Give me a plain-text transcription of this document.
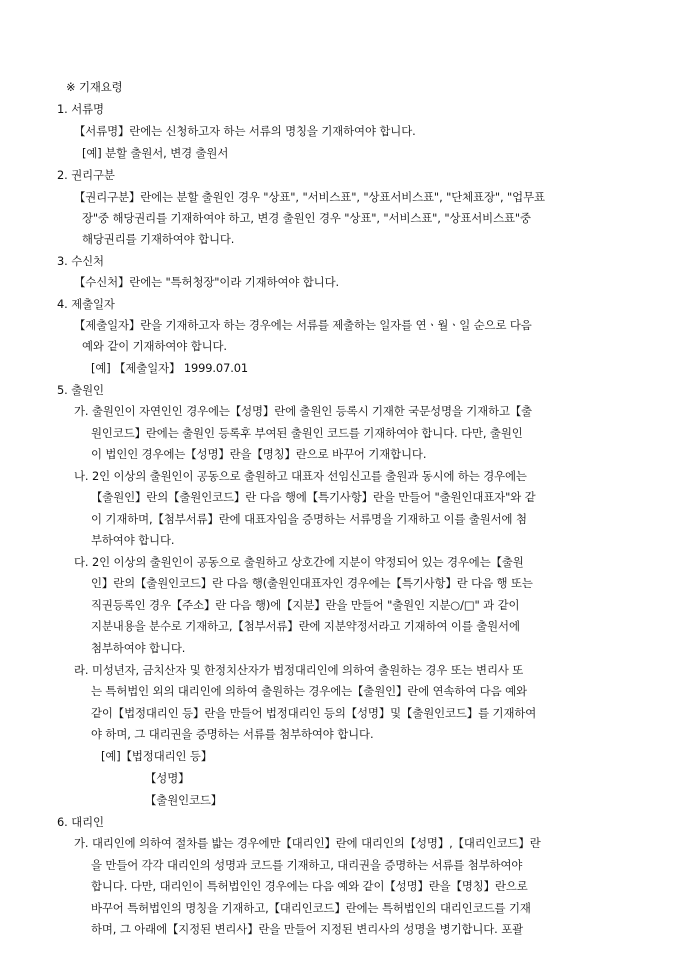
※ 기재요령
1. 서류명
【서류명】란에는 신청하고자 하는 서류의 명칭을 기재하여야 합니다.
[예] 분할 출원서, 변경 출원서
2. 권리구분
【권리구분】란에는 분할 출원인 경우 "상표", "서비스표", "상표서비스표", "단체표장", "업무표
장"중 해당권리를 기재하여야 하고, 변경 출원인 경우 "상표", "서비스표", "상표서비스표"중
해당권리를 기재하여야 합니다.
3. 수신처
【수신처】란에는 "특허청장"이라 기재하여야 합니다.
4. 제출일자
【제출일자】란을 기재하고자 하는 경우에는 서류를 제출하는 일자를 연ㆍ월ㆍ일 순으로 다음
예와 같이 기재하여야 합니다.
[예] 【제출일자】 1999.07.01
5. 출원인
가. 출원인이 자연인인 경우에는【성명】란에 출원인 등록시 기재한 국문성명을 기재하고【출
원인코드】란에는 출원인 등록후 부여된 출원인 코드를 기재하여야 합니다. 다만, 출원인
이 법인인 경우에는【성명】란을【명칭】란으로 바꾸어 기재합니다.
나. 2인 이상의 출원인이 공동으로 출원하고 대표자 선임신고를 출원과 동시에 하는 경우에는
【출원인】란의【출원인코드】란 다음 행에【특기사항】란을 만들어 "출원인대표자"와 같
이 기재하며,【첨부서류】란에 대표자임을 증명하는 서류명을 기재하고 이를 출원서에 첨
부하여야 합니다.
다. 2인 이상의 출원인이 공동으로 출원하고 상호간에 지분이 약정되어 있는 경우에는【출원
인】란의【출원인코드】란 다음 행(출원인대표자인 경우에는【특기사항】란 다음 행 또는
직권등록인 경우【주소】란 다음 행)에【지분】란을 만들어 "출원인 지분○/□" 과 같이
지분내용을 분수로 기재하고,【첨부서류】란에 지분약정서라고 기재하여 이를 출원서에
첨부하여야 합니다.
라. 미성년자, 금치산자 및 한정치산자가 법정대리인에 의하여 출원하는 경우 또는 변리사 또
는 특허법인 외의 대리인에 의하여 출원하는 경우에는【출원인】란에 연속하여 다음 예와
같이【법정대리인 등】란을 만들어 법정대리인 등의【성명】및【출원인코드】를 기재하여
야 하며, 그 대리권을 증명하는 서류를 첨부하여야 합니다.
[예]【법정대리인 등】
【성명】
【출원인코드】
6. 대리인
가. 대리인에 의하여 절차를 밟는 경우에만【대리인】란에 대리인의【성명】,【대리인코드】란
을 만들어 각각 대리인의 성명과 코드를 기재하고, 대리권을 증명하는 서류를 첨부하여야
합니다. 다만, 대리인이 특허법인인 경우에는 다음 예와 같이【성명】란을【명칭】란으로
바꾸어 특허법인의 명칭을 기재하고,【대리인코드】란에는 특허법인의 대리인코드를 기재
하며, 그 아래에【지정된 변리사】란을 만들어 지정된 변리사의 성명을 병기합니다. 포괄
